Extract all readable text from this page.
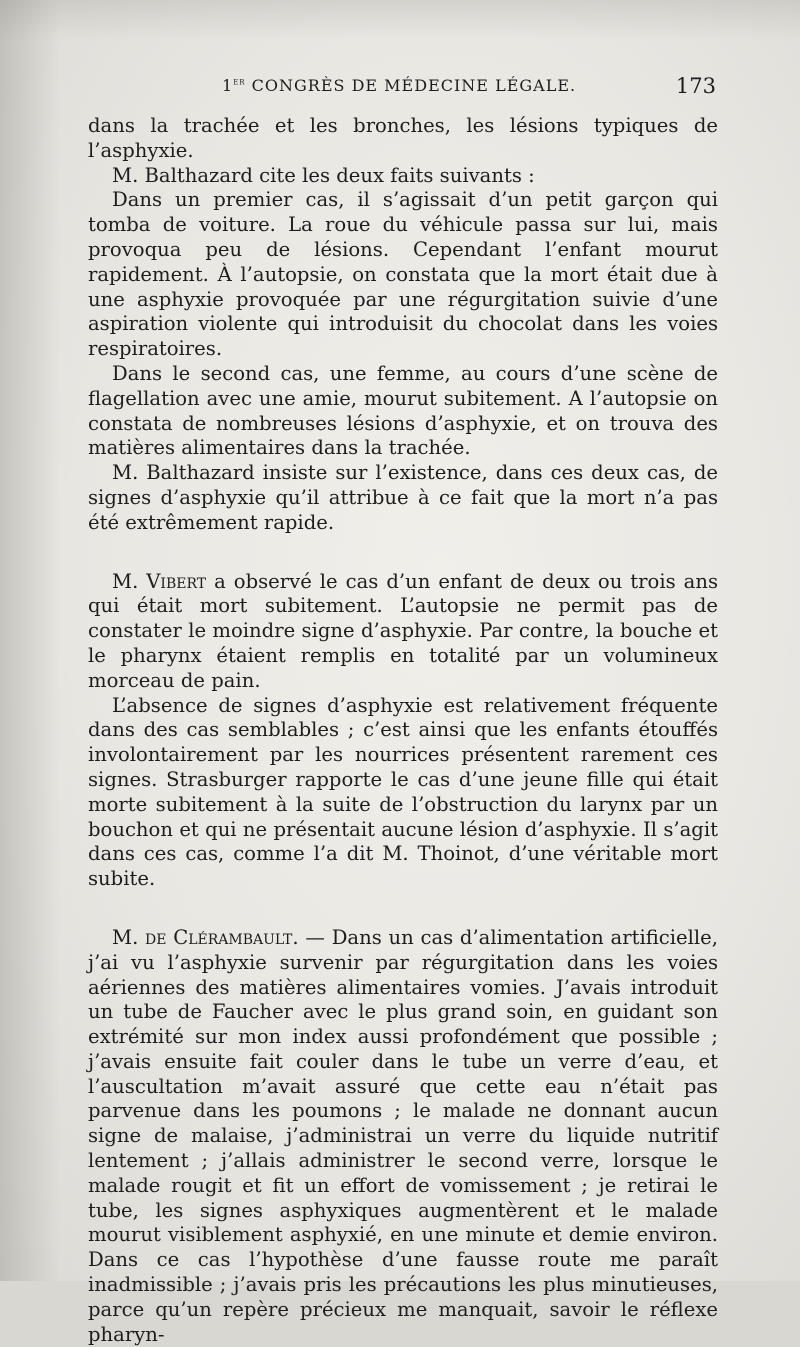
1er CONGRÈS DE MÉDECINE LÉGALE.	173

dans la trachée et les bronches, les lésions typiques de l’asphyxie.

M. Balthazard cite les deux faits suivants :

Dans un premier cas, il s’agissait d’un petit garçon qui tomba de voiture. La roue du véhicule passa sur lui, mais provoqua peu de lésions. Cependant l’enfant mourut rapidement. À l’autopsie, on constata que la mort était due à une asphyxie provoquée par une régurgitation suivie d’une aspiration violente qui introduisit du chocolat dans les voies respiratoires.

Dans le second cas, une femme, au cours d’une scène de flagellation avec une amie, mourut subitement. A l’autopsie on constata de nombreuses lésions d’asphyxie, et on trouva des matières alimentaires dans la trachée.

M. Balthazard insiste sur l’existence, dans ces deux cas, de signes d’asphyxie qu’il attribue à ce fait que la mort n’a pas été extrêmement rapide.

M. Vibert a observé le cas d’un enfant de deux ou trois ans qui était mort subitement. L’autopsie ne permit pas de constater le moindre signe d’asphyxie. Par contre, la bouche et le pharynx étaient remplis en totalité par un volumineux morceau de pain.

L’absence de signes d’asphyxie est relativement fréquente dans des cas semblables ; c’est ainsi que les enfants étouffés involontairement par les nourrices présentent rarement ces signes. Strasburger rapporte le cas d’une jeune fille qui était morte subitement à la suite de l’obstruction du larynx par un bouchon et qui ne présentait aucune lésion d’asphyxie. Il s’agit dans ces cas, comme l’a dit M. Thoinot, d’une véritable mort subite.

M. de Clérambault. — Dans un cas d’alimentation artificielle, j’ai vu l’asphyxie survenir par régurgitation dans les voies aériennes des matières alimentaires vomies. J’avais introduit un tube de Faucher avec le plus grand soin, en guidant son extrémité sur mon index aussi profondément que possible ; j’avais ensuite fait couler dans le tube un verre d’eau, et l’auscultation m’avait assuré que cette eau n’était pas parvenue dans les poumons ; le malade ne donnant aucun signe de malaise, j’administrai un verre du liquide nutritif lentement ; j’allais administrer le second verre, lorsque le malade rougit et fit un effort de vomissement ; je retirai le tube, les signes asphyxiques augmentèrent et le malade mourut visiblement asphyxié, en une minute et demie environ. Dans ce cas l’hypothèse d’une fausse route me paraît inadmissible ; j’avais pris les précautions les plus minutieuses, parce qu’un repère précieux me manquait, savoir le réflexe pharyn-
